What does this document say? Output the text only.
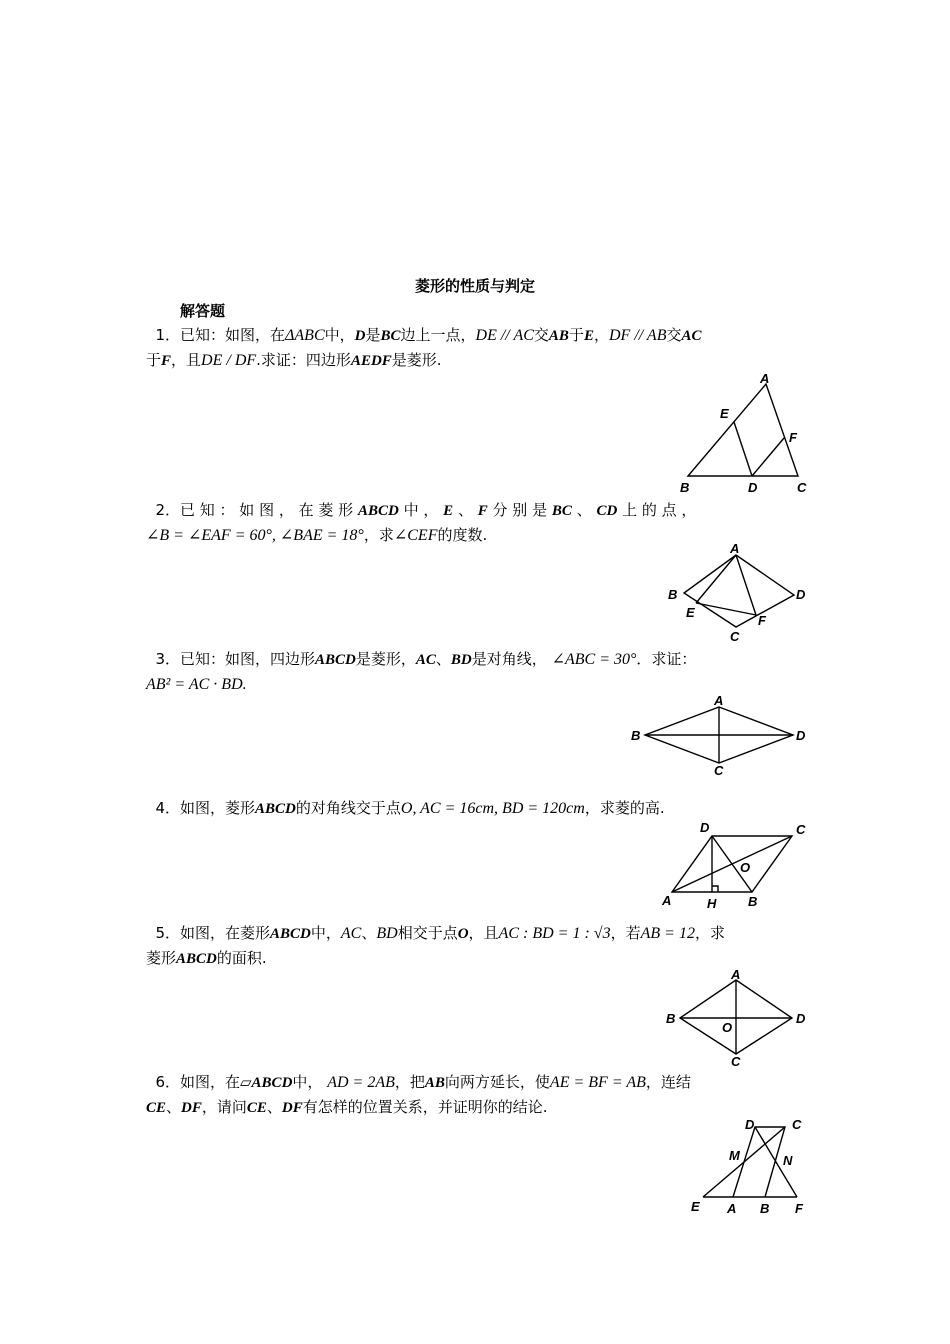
菱形的性质与判定
解答题
1．已知：如图，在ΔABC中，D是BC边上一点，DE // AC交AB于E，DF // AB交AC
于F，且DE / DF.求证：四边形AEDF是菱形.
A
E
F
B	D	C
2．已 知 ： 如 图 ， 在 菱 形 ABCD 中 ， E 、 F 分 别 是 BC 、 CD 上 的 点 ，
∠B = ∠EAF = 60°, ∠BAE = 18°，求∠CEF的度数.
A
B	D
E
F
C
3．已知：如图，四边形ABCD是菱形，AC、BD是对角线， ∠ABC = 30°．求证：
AB² = AC · BD.
A
B	D
C
4．如图，菱形ABCD的对角线交于点O, AC = 16cm, BD = 120cm，求菱的高.
D	C
O
A	H B
5．如图，在菱形ABCD中，AC、BD相交于点O，且AC : BD = 1 : √3，若AB = 12，求
菱形ABCD的面积.
A
B
O
D
C
6．如图，在▱ABCD中， AD = 2AB，把AB向两方延长，使AE = BF = AB，连结
CE、DF，请问CE、DF有怎样的位置关系，并证明你的结论.
D	C
M	N
E A B F
